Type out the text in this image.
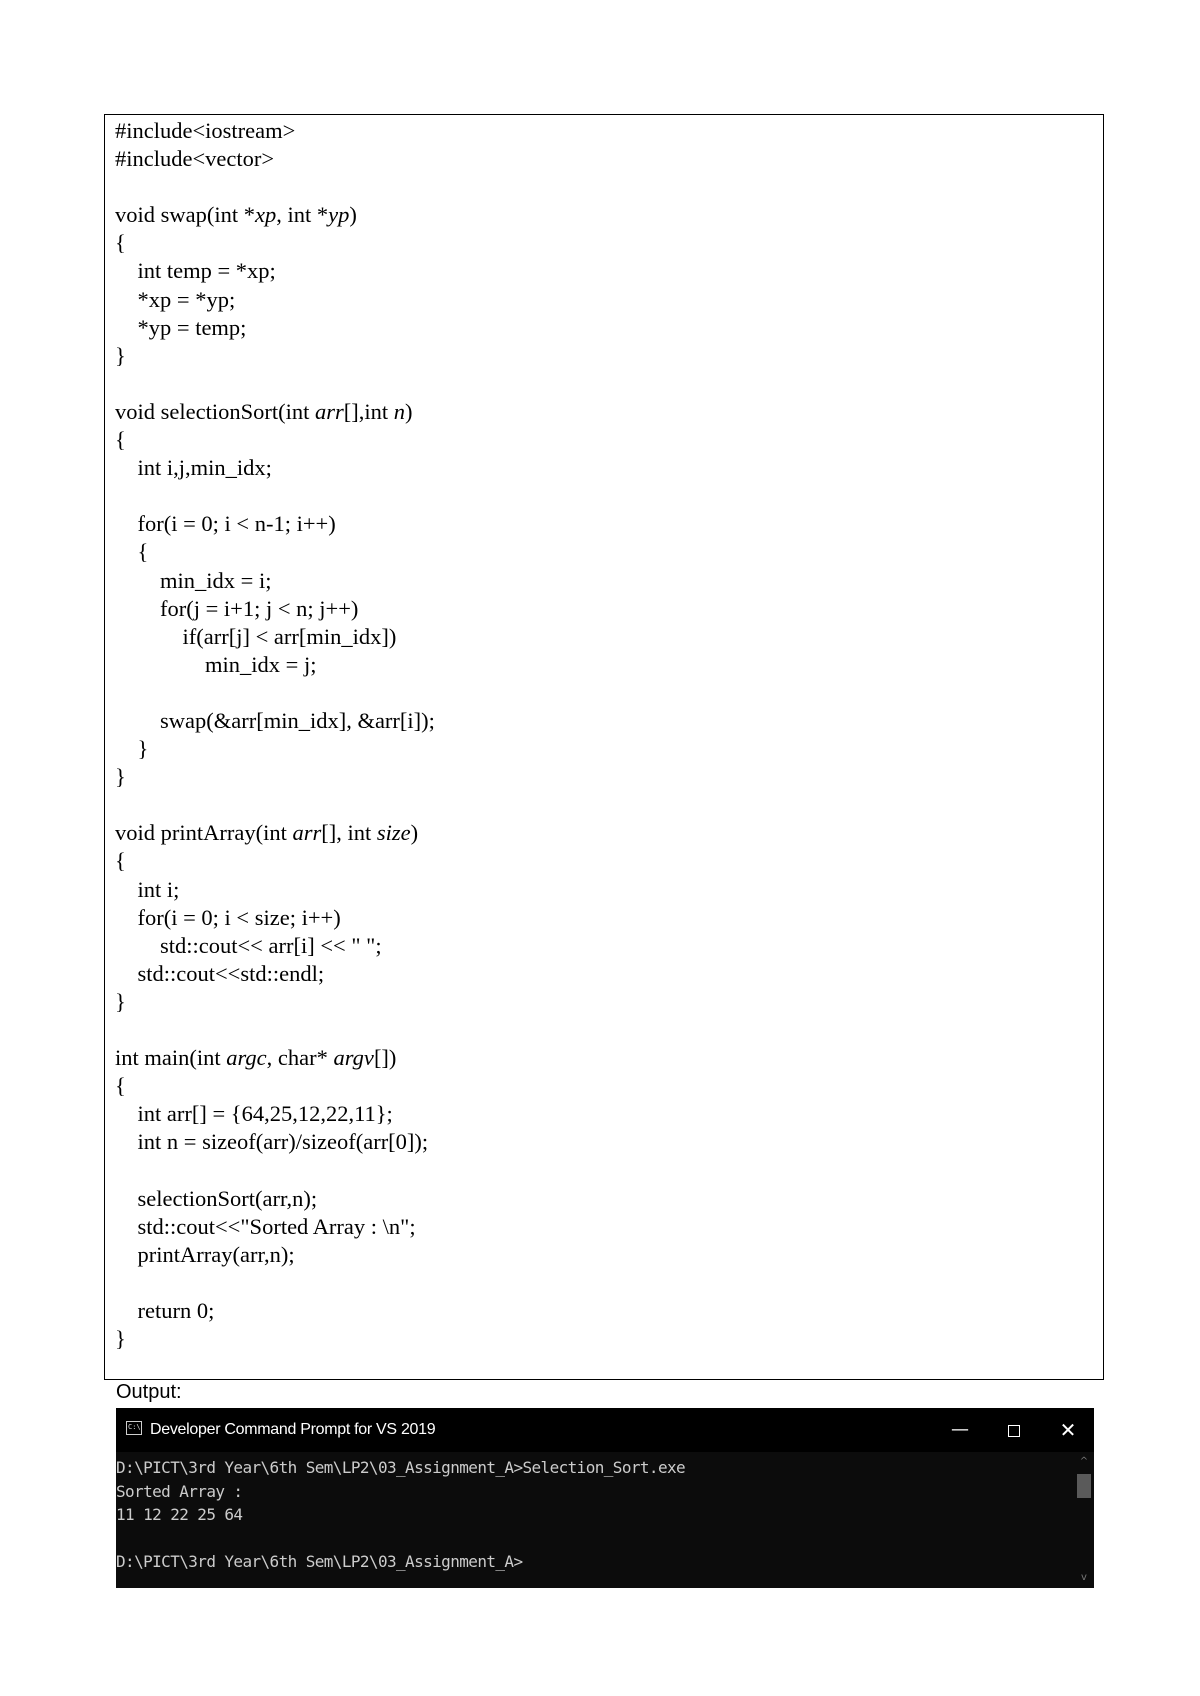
#include<iostream>
#include<vector>
void swap(int *xp, int *yp)
{
int temp = *xp;
*xp = *yp;
*yp = temp;
}
void selectionSort(int arr[],int n)
{
int i,j,min_idx;
for(i = 0; i < n-1; i++)
{
min_idx = i;
for(j = i+1; j < n; j++)
if(arr[j] < arr[min_idx])
min_idx = j;
swap(&arr[min_idx], &arr[i]);
}
}
void printArray(int arr[], int size)
{
int i;
for(i = 0; i < size; i++)
std::cout<< arr[i] << " ";
std::cout<<std::endl;
}
int main(int argc, char* argv[])
{
int arr[] = {64,25,12,22,11};
int n = sizeof(arr)/sizeof(arr[0]);
selectionSort(arr,n);
std::cout<<"Sorted Array : \n";
printArray(arr,n);
return 0;
}
Output:
C:\ Developer Command Prompt for VS 2019	—	✕
D:\PICT\3rd Year\6th Sem\LP2\03_Assignment_A>Selection_Sort.exe
Sorted Array :
11 12 22 25 64
D:\PICT\3rd Year\6th Sem\LP2\03_Assignment_A>
^
v
